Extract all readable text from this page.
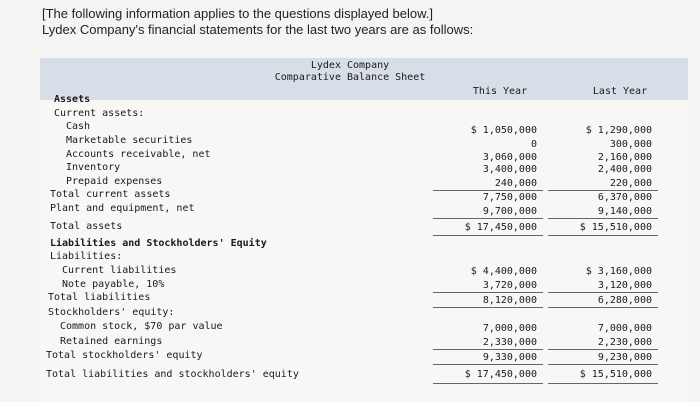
[The following information applies to the questions displayed below.]
Lydex Company's financial statements for the last two years are as follows:
Lydex Company
Comparative Balance Sheet
This Year	Last Year
Assets
Current assets:
Cash
Marketable securities
Accounts receivable, net
Inventory
Prepaid expenses
Total current assets
Plant and equipment, net
Total assets
Liabilities and Stockholders' Equity
Liabilities:
Current liabilities
Note payable, 10%
Total liabilities
Stockholders' equity:
Common stock, $70 par value
Retained earnings
Total stockholders' equity
Total liabilities and stockholders' equity
$ 1,050,000
0
3,060,000
3,400,000
240,000
7,750,000
9,700,000
$ 17,450,000
$ 4,400,000
3,720,000
8,120,000
7,000,000
2,330,000
9,330,000
$ 17,450,000
$ 1,290,000
300,000
2,160,000
2,400,000
220,000
6,370,000
9,140,000
$ 15,510,000
$ 3,160,000
3,120,000
6,280,000
7,000,000
2,230,000
9,230,000
$ 15,510,000
